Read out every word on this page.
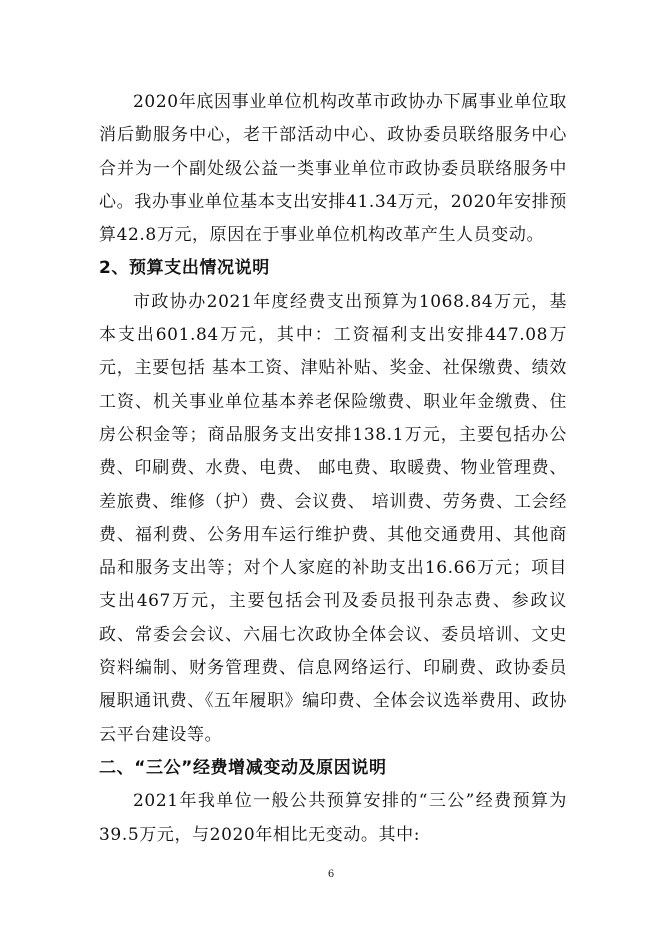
2020年底因事业单位机构改革市政协办下属事业单位取消后勤服务中心，老干部活动中心、政协委员联络服务中心合并为一个副处级公益一类事业单位市政协委员联络服务中心。我办事业单位基本支出安排41.34万元，2020年安排预算42.8万元，原因在于事业单位机构改革产生人员变动。

2、预算支出情况说明

市政协办2021年度经费支出预算为1068.84万元，基本支出601.84万元，其中：工资福利支出安排447.08万元，主要包括 基本工资、津贴补贴、奖金、社保缴费、绩效工资、机关事业单位基本养老保险缴费、职业年金缴费、住房公积金等；商品服务支出安排138.1万元，主要包括办公费、印刷费、水费、电费、 邮电费、取暖费、物业管理费、差旅费、维修（护）费、会议费、 培训费、劳务费、工会经费、福利费、公务用车运行维护费、其他交通费用、其他商品和服务支出等；对个人家庭的补助支出16.66万元；项目支出467万元，主要包括会刊及委员报刊杂志费、参政议政、常委会会议、六届七次政协全体会议、委员培训、文史资料编制、财务管理费、信息网络运行、印刷费、政协委员履职通讯费、《五年履职》编印费、全体会议选举费用、政协云平台建设等。

二、“三公”经费增减变动及原因说明

2021年我单位一般公共预算安排的“三公”经费预算为39.5万元，与2020年相比无变动。其中:

6
